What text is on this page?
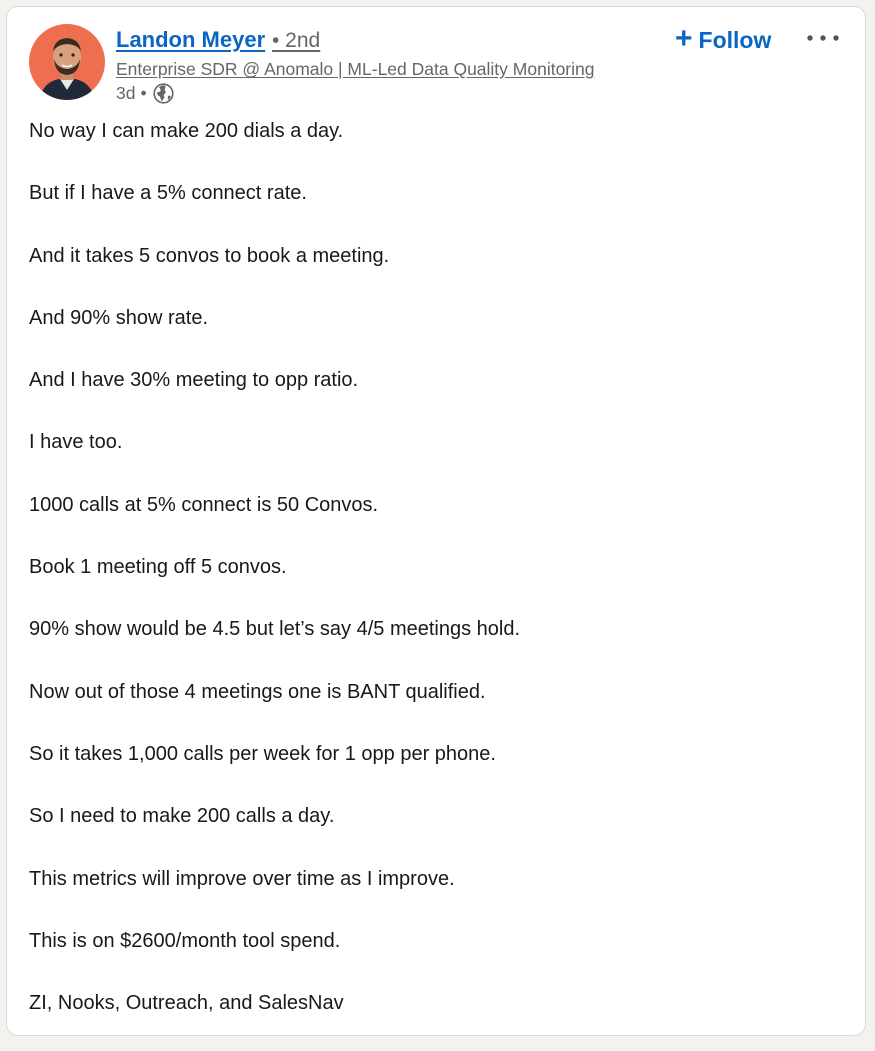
Landon Meyer • 2nd
Enterprise SDR @ Anomalo | ML-Led Data Quality Monitoring
3d •
+ Follow
No way I can make 200 dials a day.
But if I have a 5% connect rate.
And it takes 5 convos to book a meeting.
And 90% show rate.
And I have 30% meeting to opp ratio.
I have too.
1000 calls at 5% connect is 50 Convos.
Book 1 meeting off 5 convos.
90% show would be 4.5 but let’s say 4/5 meetings hold.
Now out of those 4 meetings one is BANT qualified.
So it takes 1,000 calls per week for 1 opp per phone.
So I need to make 200 calls a day.
This metrics will improve over time as I improve.
This is on $2600/month tool spend.
ZI, Nooks, Outreach, and SalesNav
